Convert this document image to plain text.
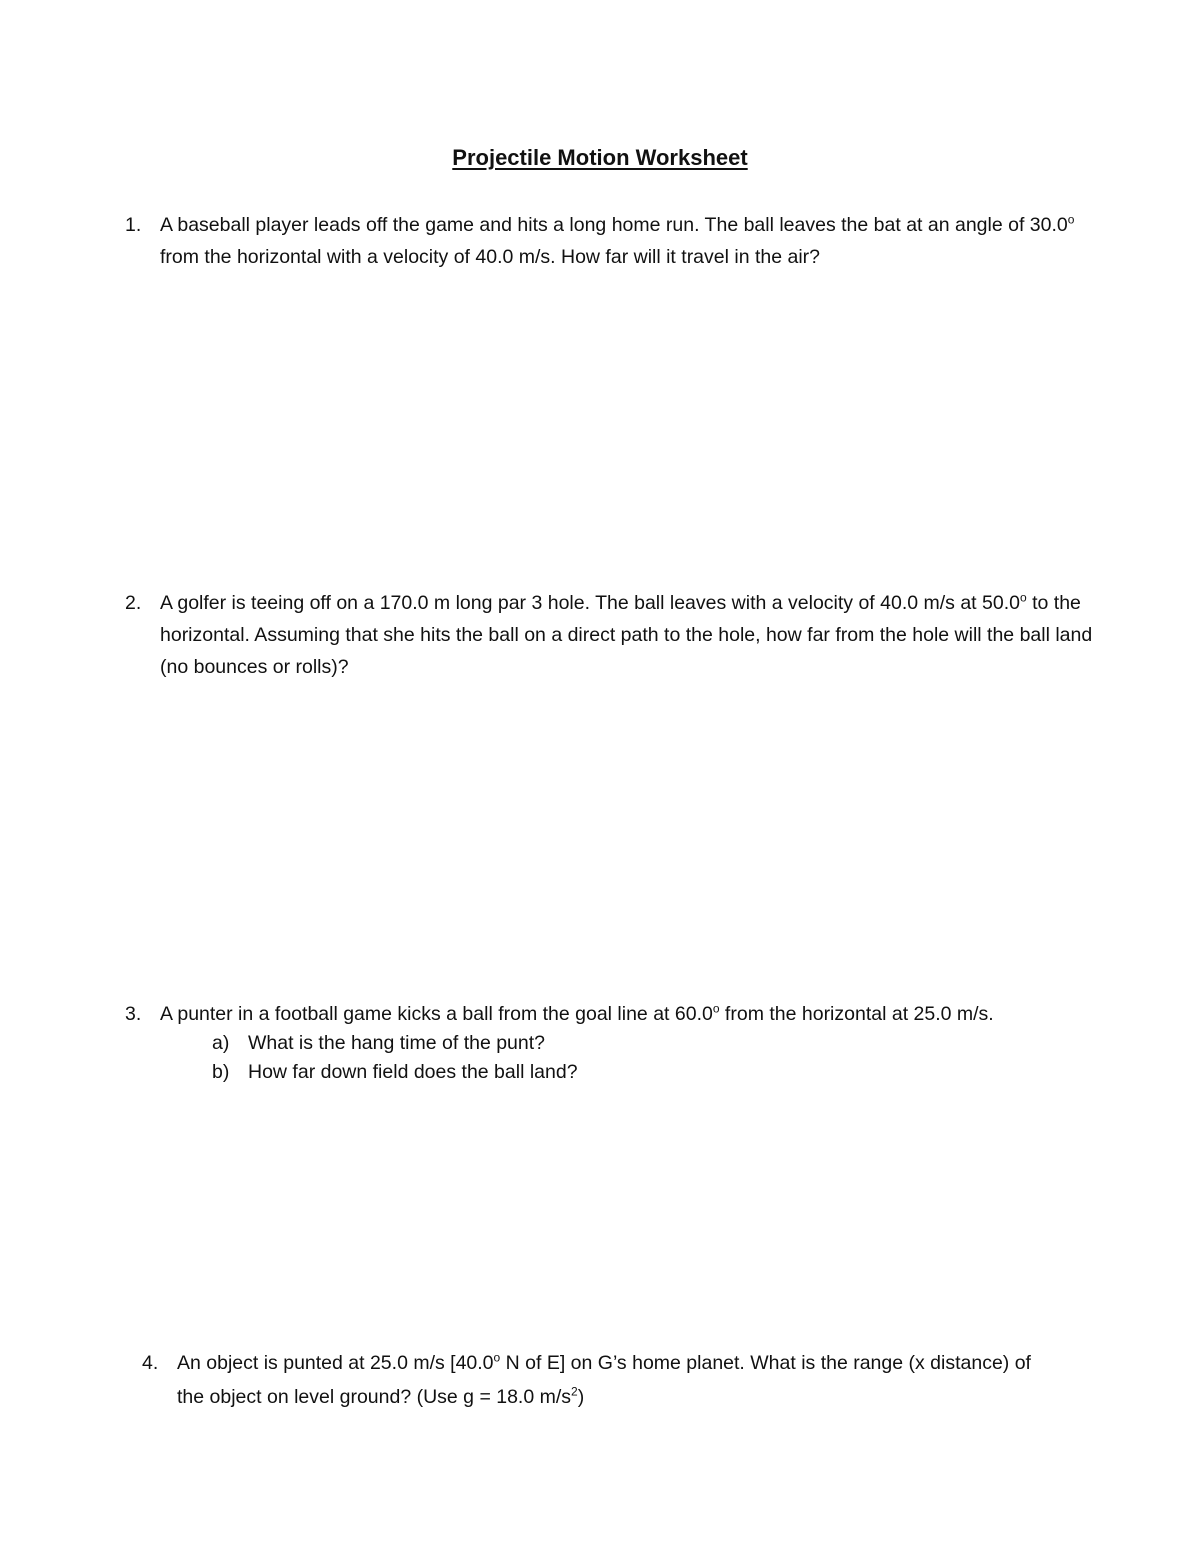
Projectile Motion Worksheet
1. A baseball player leads off the game and hits a long home run. The ball leaves the bat at an angle of 30.0$^o$ from the horizontal with a velocity of 40.0 m/s. How far will it travel in the air?
2. A golfer is teeing off on a 170.0 m long par 3 hole. The ball leaves with a velocity of 40.0 m/s at 50.0$^o$ to the horizontal. Assuming that she hits the ball on a direct path to the hole, how far from the hole will the ball land (no bounces or rolls)?
3. A punter in a football game kicks a ball from the goal line at 60.0$^o$ from the horizontal at 25.0 m/s.
a) What is the hang time of the punt?
b) How far down field does the ball land?
4. An object is punted at 25.0 m/s [40.0$^o$ N of E] on G’s home planet. What is the range (x distance) of the object on level ground? (Use g = 18.0 $m/s^2$)
